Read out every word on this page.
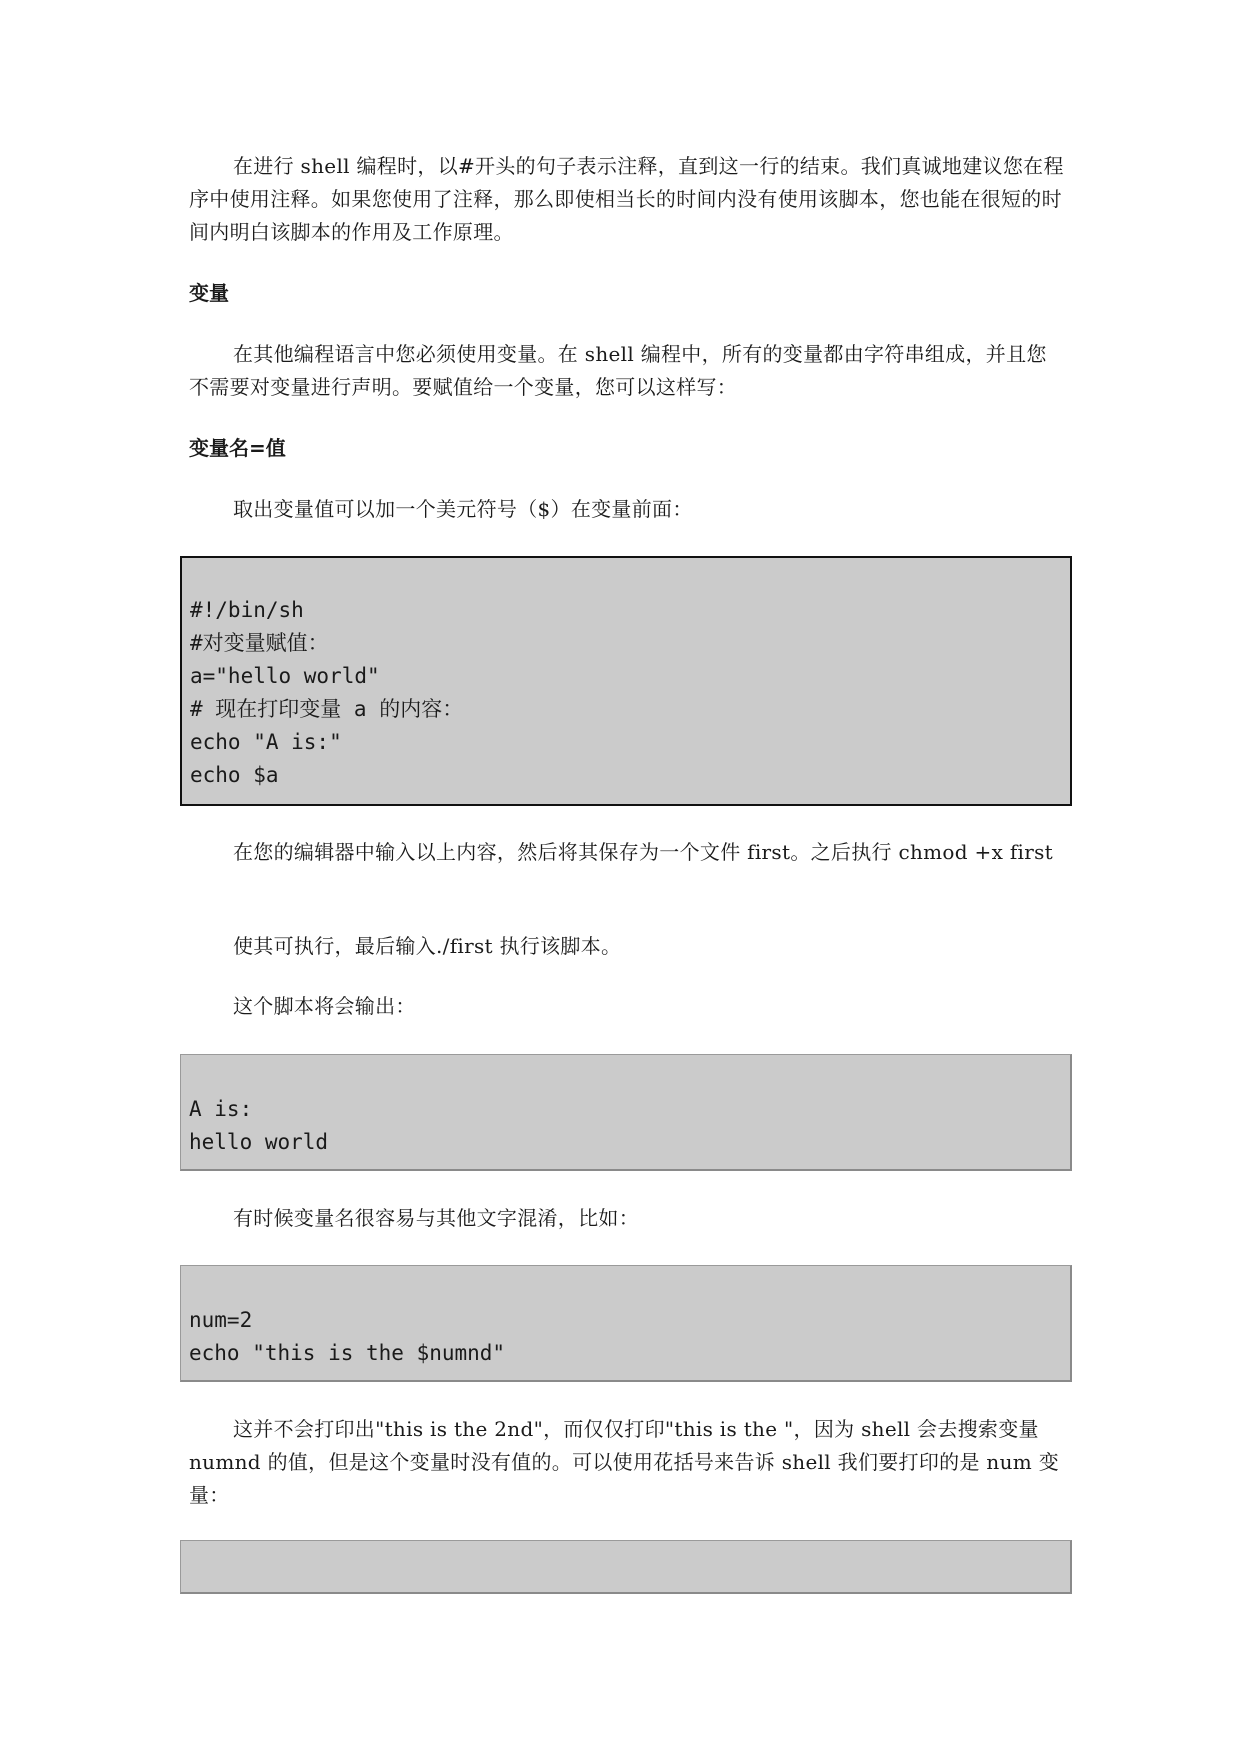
在进行 shell 编程时，以#开头的句子表示注释，直到这一行的结束。我们真诚地建议您在程序中使用注释。如果您使用了注释，那么即使相当长的时间内没有使用该脚本，您也能在很短的时间内明白该脚本的作用及工作原理。

变量

在其他编程语言中您必须使用变量。在 shell 编程中，所有的变量都由字符串组成，并且您不需要对变量进行声明。要赋值给一个变量，您可以这样写：

变量名=值

取出变量值可以加一个美元符号（$）在变量前面：

#!/bin/sh
#对变量赋值：
a="hello world"
# 现在打印变量 a 的内容：
echo "A is:"
echo $a

在您的编辑器中输入以上内容，然后将其保存为一个文件 first。之后执行 chmod +x first

使其可执行，最后输入./first 执行该脚本。

这个脚本将会输出：

A is:
hello world

有时候变量名很容易与其他文字混淆，比如：

num=2
echo "this is the $numnd"

这并不会打印出"this is the 2nd"，而仅仅打印"this is the "，因为 shell 会去搜索变量 numnd 的值，但是这个变量时没有值的。可以使用花括号来告诉 shell 我们要打印的是 num 变量：
